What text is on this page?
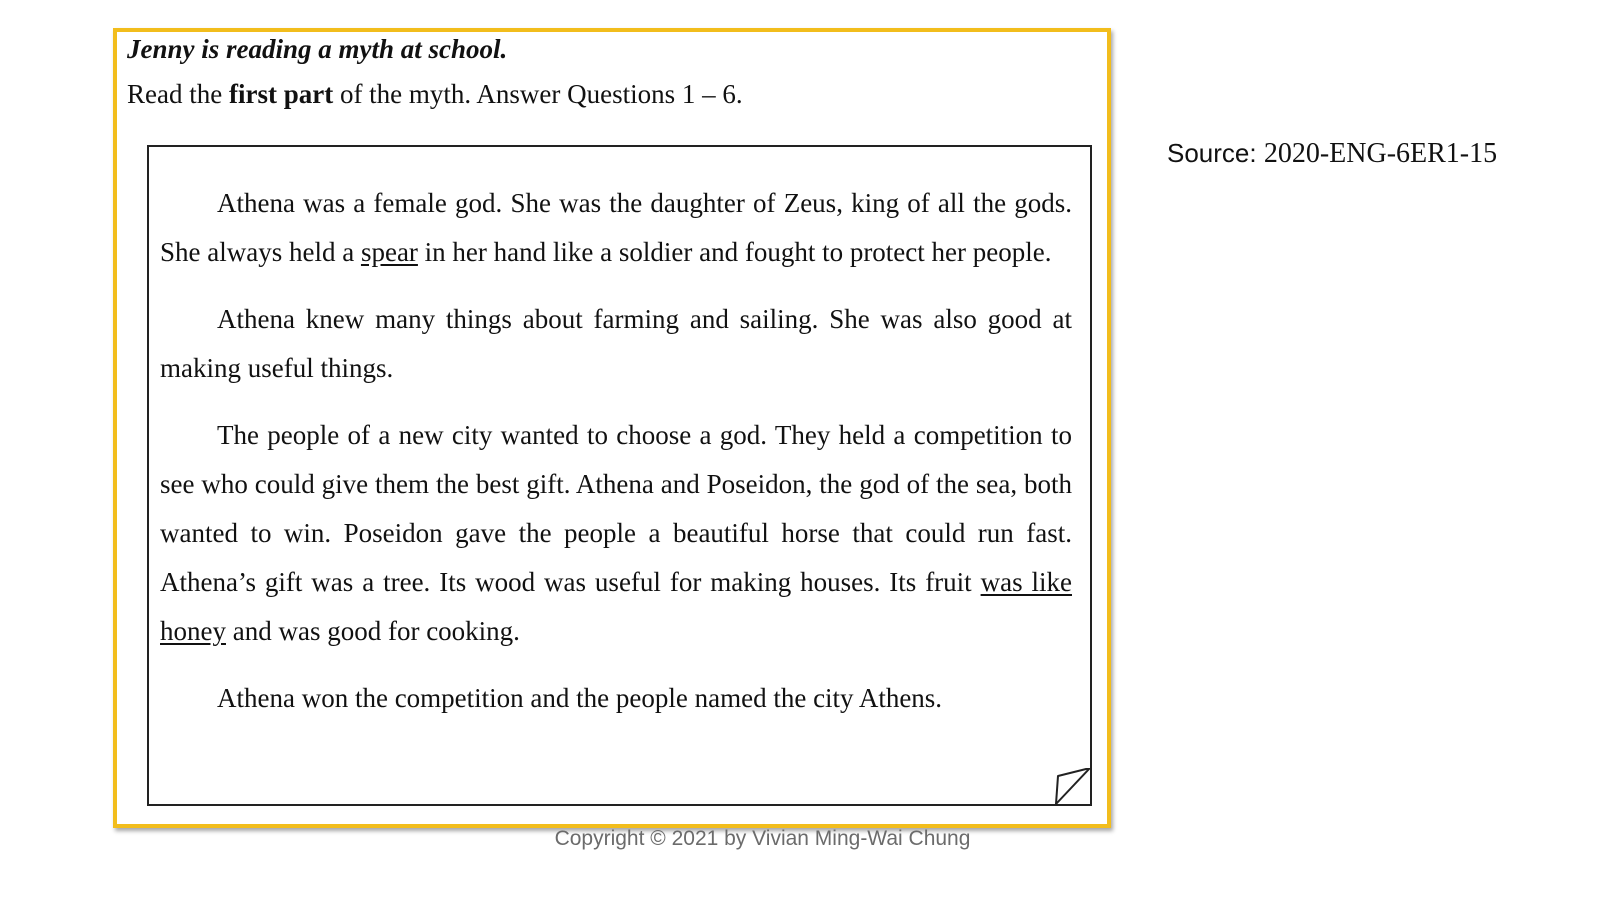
Jenny is reading a myth at school.
Read the first part of the myth. Answer Questions 1 – 6.

Athena was a female god. She was the daughter of Zeus, king of all the gods. She always held a spear in her hand like a soldier and fought to protect her people.

Athena knew many things about farming and sailing. She was also good at making useful things.

The people of a new city wanted to choose a god. They held a competition to see who could give them the best gift. Athena and Poseidon, the god of the sea, both wanted to win. Poseidon gave the people a beautiful horse that could run fast. Athena’s gift was a tree. Its wood was useful for making houses. Its fruit was like honey and was good for cooking.

Athena won the competition and the people named the city Athens.

Source: 2020-ENG-6ER1-15
Copyright © 2021 by Vivian Ming-Wai Chung
